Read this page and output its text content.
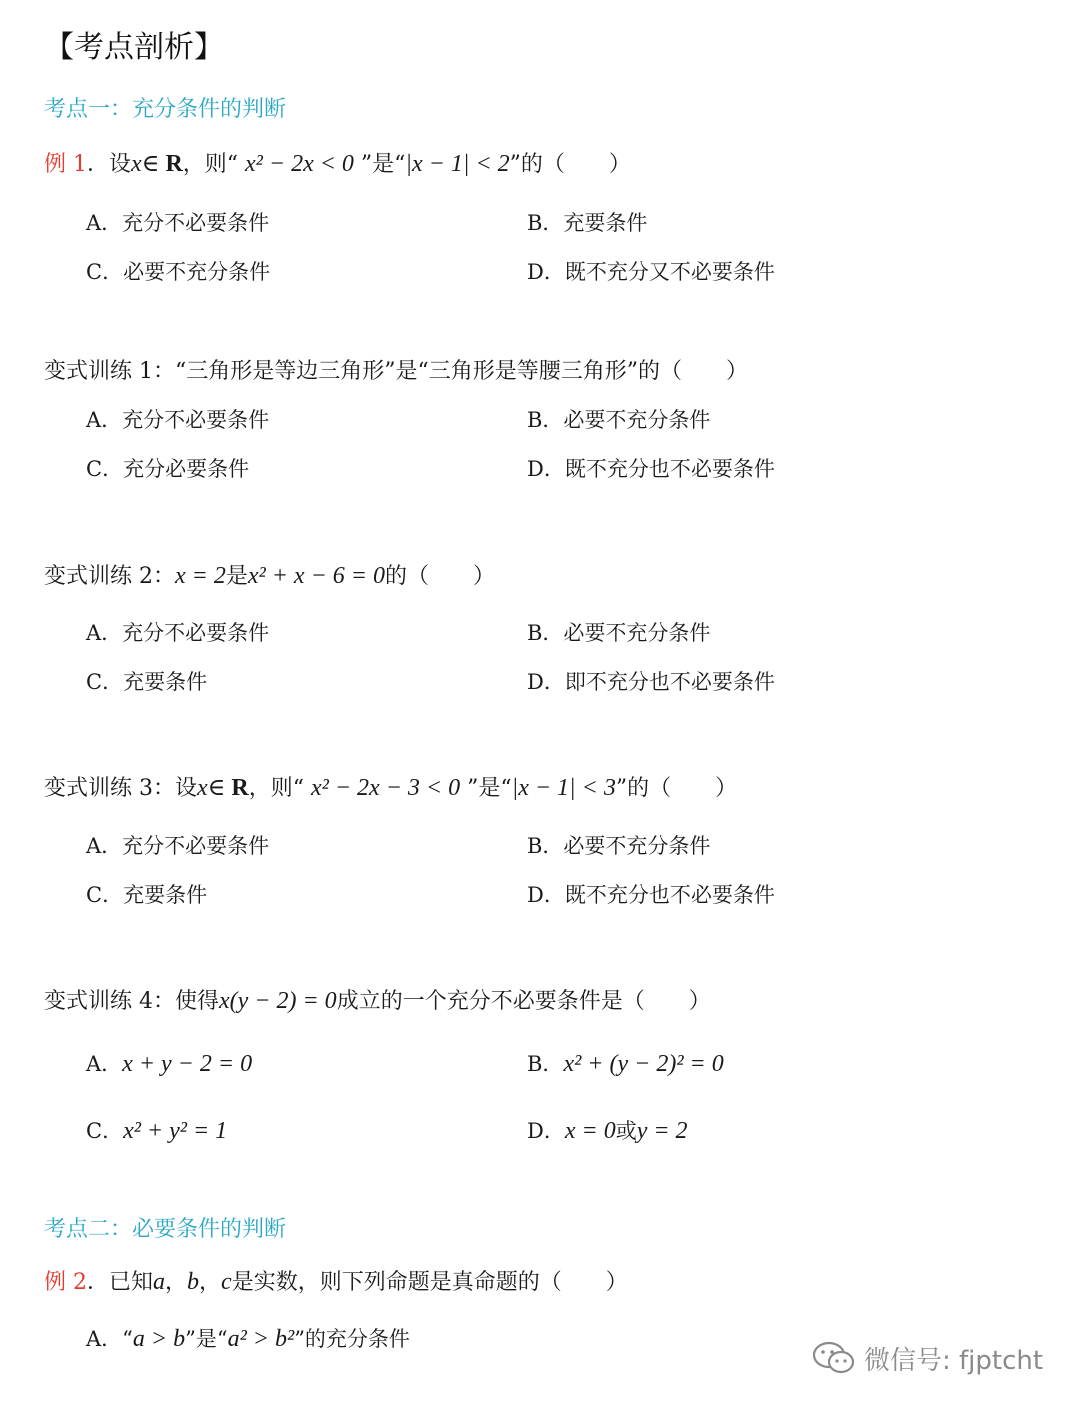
【考点剖析】
考点一：充分条件的判断
例 1．设x∈ R，则“ x² − 2x < 0 ”是“|x − 1| < 2”的（　　）
A．充分不必要条件	B．充要条件
C．必要不充分条件	D．既不充分又不必要条件
变式训练 1：“三角形是等边三角形”是“三角形是等腰三角形”的（　　）
A．充分不必要条件	B．必要不充分条件
C．充分必要条件	D．既不充分也不必要条件
变式训练 2：x = 2是x² + x − 6 = 0的（　　）
A．充分不必要条件	B．必要不充分条件
C．充要条件	D．即不充分也不必要条件
变式训练 3：设x∈ R，则“ x² − 2x − 3 < 0 ”是“|x − 1| < 3”的（　　）
A．充分不必要条件	B．必要不充分条件
C．充要条件	D．既不充分也不必要条件
变式训练 4：使得x(y − 2) = 0成立的一个充分不必要条件是（　　）
A．x + y − 2 = 0	B．x² + (y − 2)² = 0
C．x² + y² = 1	D．x = 0或y = 2
考点二：必要条件的判断
例 2．已知a，b，c是实数，则下列命题是真命题的（　　）
A．“a > b”是“a² > b²”的充分条件
微信号: fjptcht
